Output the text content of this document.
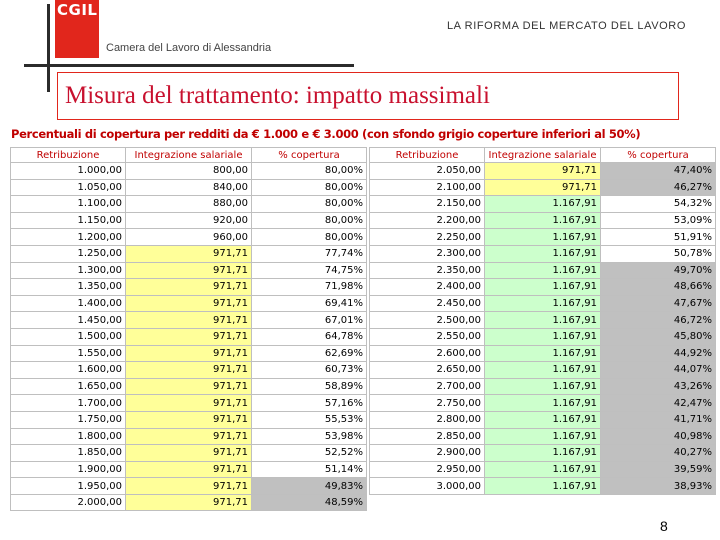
CGIL
LA RIFORMA DEL MERCATO DEL LAVORO
Camera del Lavoro di Alessandria
Misura del trattamento: impatto massimali
Percentuali di copertura per redditi da € 1.000 e € 3.000 (con sfondo grigio coperture inferiori al 50%)
Retribuzione	Integrazione salariale	% copertura
1.000,00	800,00	80,00%
1.050,00	840,00	80,00%
1.100,00	880,00	80,00%
1.150,00	920,00	80,00%
1.200,00	960,00	80,00%
1.250,00	971,71	77,74%
1.300,00	971,71	74,75%
1.350,00	971,71	71,98%
1.400,00	971,71	69,41%
1.450,00	971,71	67,01%
1.500,00	971,71	64,78%
1.550,00	971,71	62,69%
1.600,00	971,71	60,73%
1.650,00	971,71	58,89%
1.700,00	971,71	57,16%
1.750,00	971,71	55,53%
1.800,00	971,71	53,98%
1.850,00	971,71	52,52%
1.900,00	971,71	51,14%
1.950,00	971,71	49,83%
2.000,00	971,71	48,59%
Retribuzione	Integrazione salariale	% copertura
2.050,00	971,71	47,40%
2.100,00	971,71	46,27%
2.150,00	1.167,91	54,32%
2.200,00	1.167,91	53,09%
2.250,00	1.167,91	51,91%
2.300,00	1.167,91	50,78%
2.350,00	1.167,91	49,70%
2.400,00	1.167,91	48,66%
2.450,00	1.167,91	47,67%
2.500,00	1.167,91	46,72%
2.550,00	1.167,91	45,80%
2.600,00	1.167,91	44,92%
2.650,00	1.167,91	44,07%
2.700,00	1.167,91	43,26%
2.750,00	1.167,91	42,47%
2.800,00	1.167,91	41,71%
2.850,00	1.167,91	40,98%
2.900,00	1.167,91	40,27%
2.950,00	1.167,91	39,59%
3.000,00	1.167,91	38,93%
8
